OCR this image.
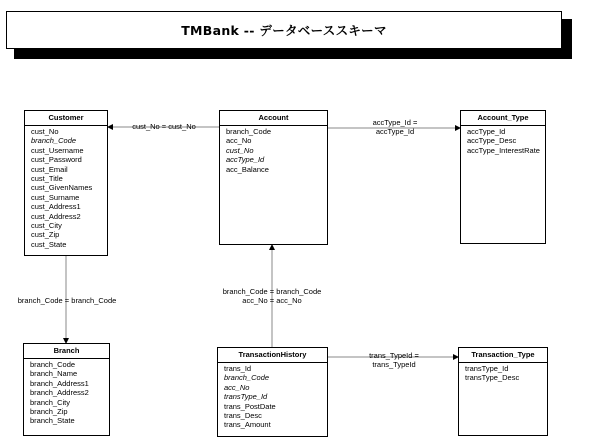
TMBank -- データベーススキーマ
Customer
cust_No
branch_Code
cust_Username
cust_Password
cust_Email
cust_Title
cust_GivenNames
cust_Surname
cust_Address1
cust_Address2
cust_City
cust_Zip
cust_State
Account
branch_Code
acc_No
cust_No
accType_Id
acc_Balance
Account_Type
accType_Id
accType_Desc
accType_InterestRate
Branch
branch_Code
branch_Name
branch_Address1
branch_Address2
branch_City
branch_Zip
branch_State
TransactionHistory
trans_Id
branch_Code
acc_No
transType_Id
trans_PostDate
trans_Desc
trans_Amount
Transaction_Type
transType_Id
transType_Desc
cust_No = cust_No	accType_Id =
accType_Id
branch_Code = branch_Code
branch_Code = branch_Code
acc_No = acc_No
trans_TypeId =
trans_TypeId
